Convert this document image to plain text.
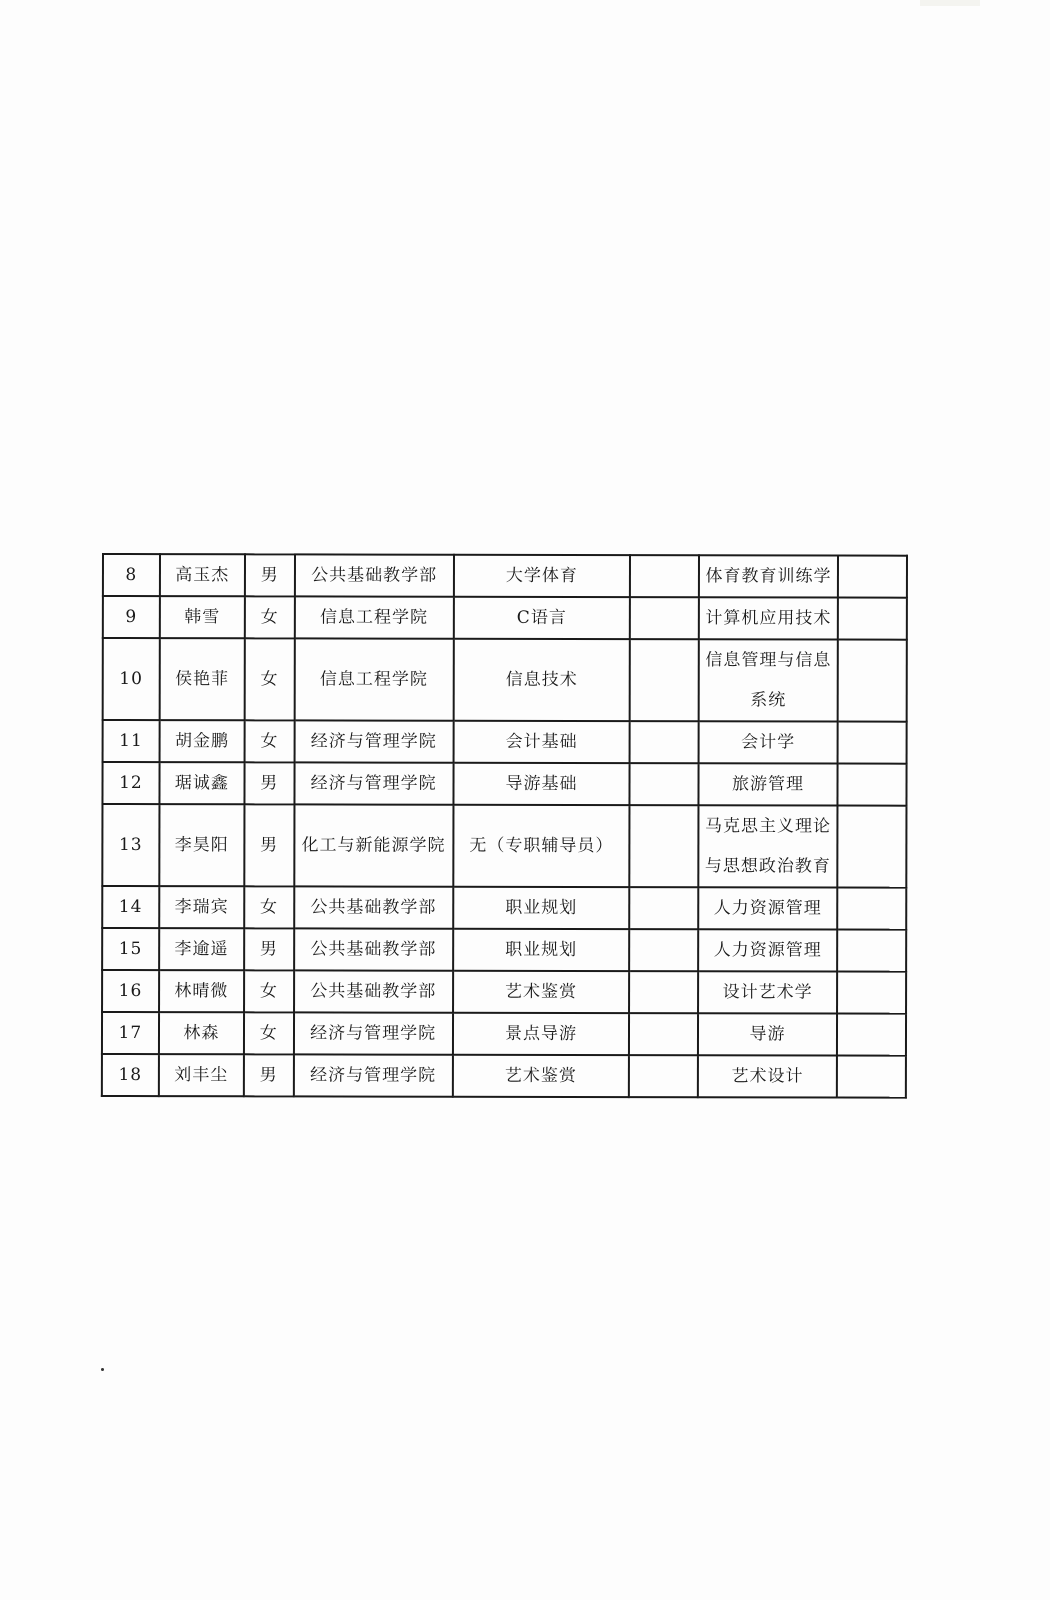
8	高玉杰	男	公共基础教学部	大学体育		体育教育训练学	
9	韩雪	女	信息工程学院	C语言		计算机应用技术	
10	侯艳菲	女	信息工程学院	信息技术		信息管理与信息系统	
11	胡金鹏	女	经济与管理学院	会计基础		会计学	
12	琚诚鑫	男	经济与管理学院	导游基础		旅游管理	
13	李昊阳	男	化工与新能源学院	无（专职辅导员）		马克思主义理论与思想政治教育	
14	李瑞宾	女	公共基础教学部	职业规划		人力资源管理	
15	李逾遥	男	公共基础教学部	职业规划		人力资源管理	
16	林晴微	女	公共基础教学部	艺术鉴赏		设计艺术学	
17	林森	女	经济与管理学院	景点导游		导游	
18	刘丰尘	男	经济与管理学院	艺术鉴赏		艺术设计	
